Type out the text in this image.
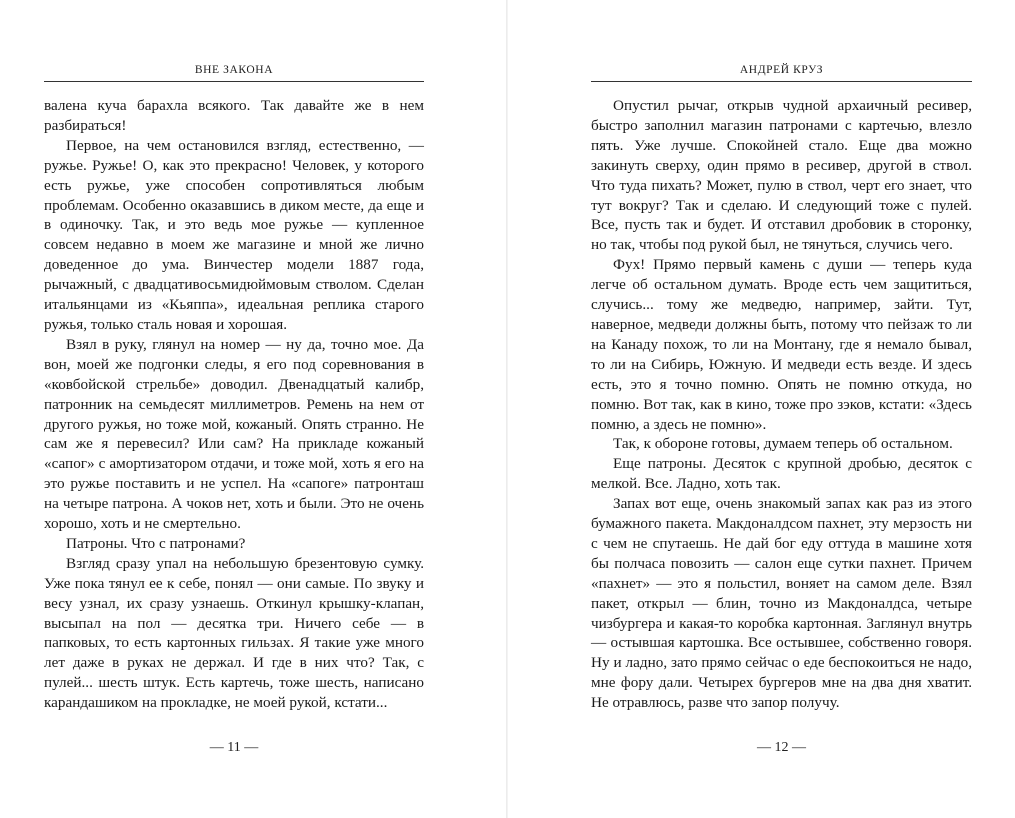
ВНЕ ЗАКОНА

валена куча барахла всякого. Так давайте же в нем разбираться!

Первое, на чем остановился взгляд, естественно, — ружье. Ружье! О, как это прекрасно! Человек, у которого есть ружье, уже способен сопротивляться любым проблемам. Особенно оказавшись в диком месте, да еще и в одиночку. Так, и это ведь мое ружье — купленное совсем недавно в моем же магазине и мной же лично доведенное до ума. Винчестер модели 1887 года, рычажный, с двадцативосьмидюймовым стволом. Сделан итальянцами из «Кьяппа», идеальная реплика старого ружья, только сталь новая и хорошая.

Взял в руку, глянул на номер — ну да, точно мое. Да вон, моей же подгонки следы, я его под соревнования в «ковбойской стрельбе» доводил. Двенадцатый калибр, патронник на семьдесят миллиметров. Ремень на нем от другого ружья, но тоже мой, кожаный. Опять странно. Не сам же я перевесил? Или сам? На прикладе кожаный «сапог» с амортизатором отдачи, и тоже мой, хоть я его на это ружье поставить и не успел. На «сапоге» патронташ на четыре патрона. А чоков нет, хоть и были. Это не очень хорошо, хоть и не смертельно.

Патроны. Что с патронами?

Взгляд сразу упал на небольшую брезентовую сумку. Уже пока тянул ее к себе, понял — они самые. По звуку и весу узнал, их сразу узнаешь. Откинул крышку-клапан, высыпал на пол — десятка три. Ничего себе — в папковых, то есть картонных гильзах. Я такие уже много лет даже в руках не держал. И где в них что? Так, с пулей... шесть штук. Есть картечь, тоже шесть, написано карандашиком на прокладке, не моей рукой, кстати...

— 11 —
АНДРЕЙ КРУЗ

Опустил рычаг, открыв чудной архаичный ресивер, быстро заполнил магазин патронами с картечью, влезло пять. Уже лучше. Спокойней стало. Еще два можно закинуть сверху, один прямо в ресивер, другой в ствол. Что туда пихать? Может, пулю в ствол, черт его знает, что тут вокруг? Так и сделаю. И следующий тоже с пулей. Все, пусть так и будет. И отставил дробовик в сторонку, но так, чтобы под рукой был, не тянуться, случись чего.

Фух! Прямо первый камень с души — теперь куда легче об остальном думать. Вроде есть чем защититься, случись... тому же медведю, например, зайти. Тут, наверное, медведи должны быть, потому что пейзаж то ли на Канаду похож, то ли на Монтану, где я немало бывал, то ли на Сибирь, Южную. И медведи есть везде. И здесь есть, это я точно помню. Опять не помню откуда, но помню. Вот так, как в кино, тоже про зэков, кстати: «Здесь помню, а здесь не помню».

Так, к обороне готовы, думаем теперь об остальном.

Еще патроны. Десяток с крупной дробью, десяток с мелкой. Все. Ладно, хоть так.

Запах вот еще, очень знакомый запах как раз из этого бумажного пакета. Макдоналдсом пахнет, эту мерзость ни с чем не спутаешь. Не дай бог еду оттуда в машине хотя бы полчаса повозить — салон еще сутки пахнет. Причем «пахнет» — это я польстил, воняет на самом деле. Взял пакет, открыл — блин, точно из Макдоналдса, четыре чизбургера и какая-то коробка картонная. Заглянул внутрь — остывшая картошка. Все остывшее, собственно говоря. Ну и ладно, зато прямо сейчас о еде беспокоиться не надо, мне фору дали. Четырех бургеров мне на два дня хватит. Не отравлюсь, разве что запор получу.

— 12 —
